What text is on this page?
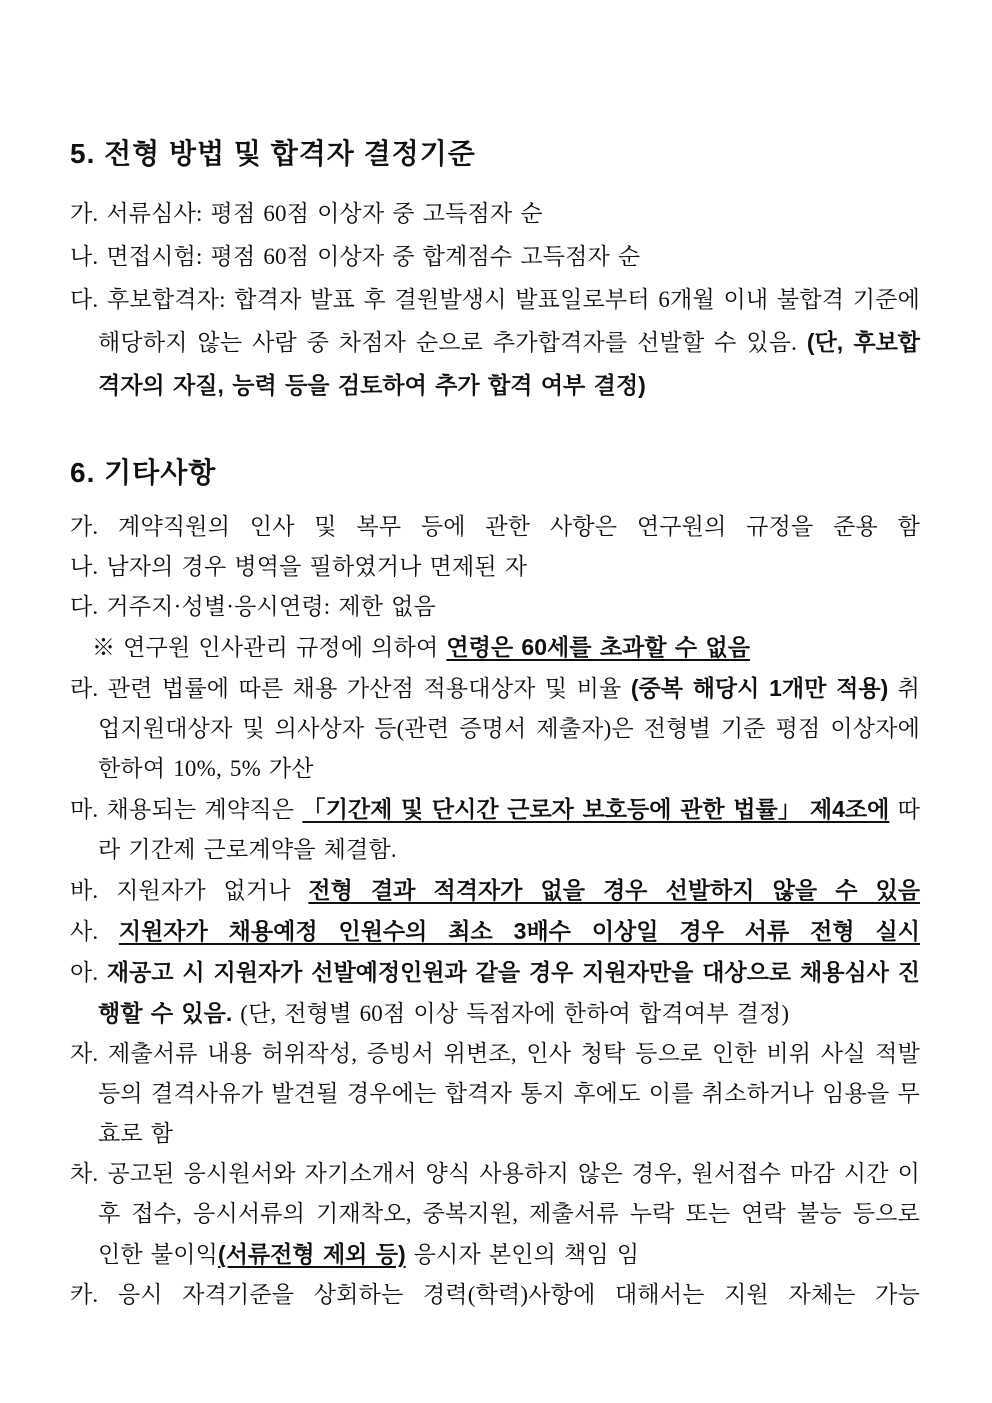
5. 전형 방법 및 합격자 결정기준

가. 서류심사: 평점 60점 이상자 중 고득점자 순

나. 면접시험: 평점 60점 이상자 중 합계점수 고득점자 순

다. 후보합격자: 합격자 발표 후 결원발생시 발표일로부터 6개월 이내 불합격 기준에 해당하지 않는 사람 중 차점자 순으로 추가합격자를 선발할 수 있음. (단, 후보합격자의 자질, 능력 등을 검토하여 추가 합격 여부 결정)

6. 기타사항

가. 계약직원의 인사 및 복무 등에 관한 사항은 연구원의 규정을 준용 함

나. 남자의 경우 병역을 필하였거나 면제된 자

다. 거주지·성별·응시연령: 제한 없음

※ 연구원 인사관리 규정에 의하여 연령은 60세를 초과할 수 없음

라. 관련 법률에 따른 채용 가산점 적용대상자 및 비율 (중복 해당시 1개만 적용) 취업지원대상자 및 의사상자 등(관련 증명서 제출자)은 전형별 기준 평점 이상자에 한하여 10%, 5% 가산

마. 채용되는 계약직은 「기간제 및 단시간 근로자 보호등에 관한 법률」 제4조에 따라 기간제 근로계약을 체결함.

바. 지원자가 없거나 전형 결과 적격자가 없을 경우 선발하지 않을 수 있음

사. 지원자가 채용예정 인원수의 최소 3배수 이상일 경우 서류 전형 실시

아. 재공고 시 지원자가 선발예정인원과 같을 경우 지원자만을 대상으로 채용심사 진행할 수 있음. (단, 전형별 60점 이상 득점자에 한하여 합격여부 결정)

자. 제출서류 내용 허위작성, 증빙서 위변조, 인사 청탁 등으로 인한 비위 사실 적발 등의 결격사유가 발견될 경우에는 합격자 통지 후에도 이를 취소하거나 임용을 무효로 함

차. 공고된 응시원서와 자기소개서 양식 사용하지 않은 경우, 원서접수 마감 시간 이후 접수, 응시서류의 기재착오, 중복지원, 제출서류 누락 또는 연락 불능 등으로 인한 불이익(서류전형 제외 등) 응시자 본인의 책임 임

카. 응시 자격기준을 상회하는 경력(학력)사항에 대해서는 지원 자체는 가능
